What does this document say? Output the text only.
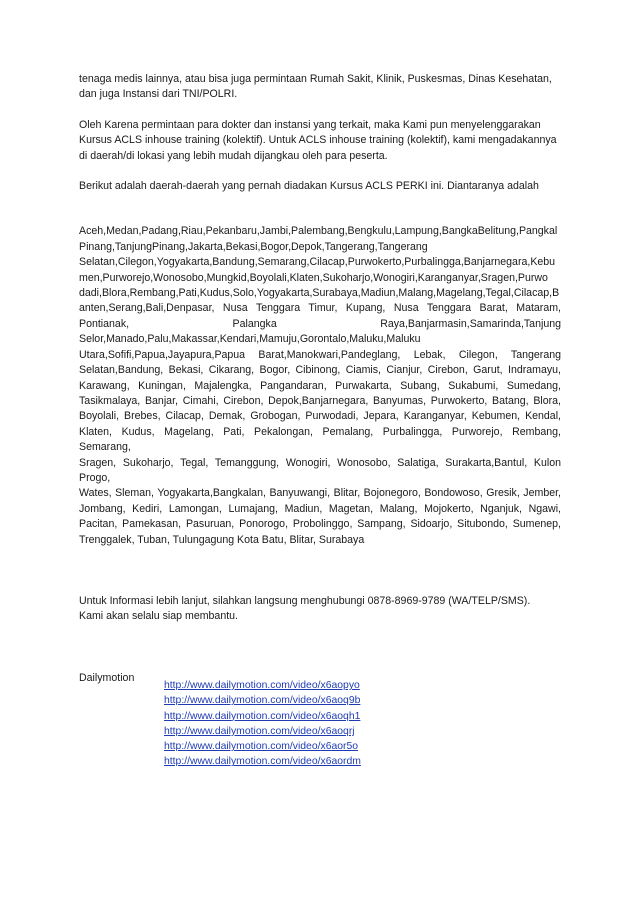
tenaga medis lainnya, atau bisa juga permintaan Rumah Sakit, Klinik, Puskesmas, Dinas Kesehatan,
dan juga Instansi dari TNI/POLRI.
Oleh Karena permintaan para dokter dan instansi yang terkait, maka Kami pun menyelenggarakan
Kursus ACLS inhouse training (kolektif). Untuk ACLS inhouse training (kolektif), kami mengadakannya
di daerah/di lokasi yang lebih mudah dijangkau oleh para peserta.
Berikut adalah daerah-daerah yang pernah diadakan Kursus ACLS PERKI ini. Diantaranya adalah
Aceh,Medan,Padang,Riau,Pekanbaru,Jambi,Palembang,Bengkulu,Lampung,BangkaBelitung,Pangkal
Pinang,TanjungPinang,Jakarta,Bekasi,Bogor,Depok,Tangerang,Tangerang
Selatan,Cilegon,Yogyakarta,Bandung,Semarang,Cilacap,Purwokerto,Purbalingga,Banjarnegara,Kebu
men,Purworejo,Wonosobo,Mungkid,Boyolali,Klaten,Sukoharjo,Wonogiri,Karanganyar,Sragen,Purwo
dadi,Blora,Rembang,Pati,Kudus,Solo,Yogyakarta,Surabaya,Madiun,Malang,Magelang,Tegal,Cilacap,B
anten,Serang,Bali,Denpasar, Nusa Tenggara Timur, Kupang, Nusa Tenggara Barat, Mataram,
Pontianak, Palangka Raya,Banjarmasin,Samarinda,Tanjung
Selor,Manado,Palu,Makassar,Kendari,Mamuju,Gorontalo,Maluku,Maluku
Utara,Sofifi,Papua,Jayapura,Papua Barat,Manokwari,Pandeglang, Lebak, Cilegon, Tangerang
Selatan,Bandung, Bekasi, Cikarang, Bogor, Cibinong, Ciamis, Cianjur, Cirebon, Garut, Indramayu,
Karawang, Kuningan, Majalengka, Pangandaran, Purwakarta, Subang, Sukabumi, Sumedang,
Tasikmalaya, Banjar, Cimahi, Cirebon, Depok,Banjarnegara, Banyumas, Purwokerto, Batang, Blora,
Boyolali, Brebes, Cilacap, Demak, Grobogan, Purwodadi, Jepara, Karanganyar, Kebumen, Kendal,
Klaten, Kudus, Magelang, Pati, Pekalongan, Pemalang, Purbalingga, Purworejo, Rembang, Semarang,
Sragen, Sukoharjo, Tegal, Temanggung, Wonogiri, Wonosobo, Salatiga, Surakarta,Bantul, Kulon Progo,
Wates, Sleman, Yogyakarta,Bangkalan, Banyuwangi, Blitar, Bojonegoro, Bondowoso, Gresik, Jember,
Jombang, Kediri, Lamongan, Lumajang, Madiun, Magetan, Malang, Mojokerto, Nganjuk, Ngawi,
Pacitan, Pamekasan, Pasuruan, Ponorogo, Probolinggo, Sampang, Sidoarjo, Situbondo, Sumenep,
Trenggalek, Tuban, Tulungagung Kota Batu, Blitar, Surabaya
Untuk Informasi lebih lanjut, silahkan langsung menghubungi 0878-8969-9789 (WA/TELP/SMS).
Kami akan selalu siap membantu.
Dailymotion
http://www.dailymotion.com/video/x6aopyo
http://www.dailymotion.com/video/x6aoq9b
http://www.dailymotion.com/video/x6aoqh1
http://www.dailymotion.com/video/x6aoqrj
http://www.dailymotion.com/video/x6aor5o
http://www.dailymotion.com/video/x6aordm
